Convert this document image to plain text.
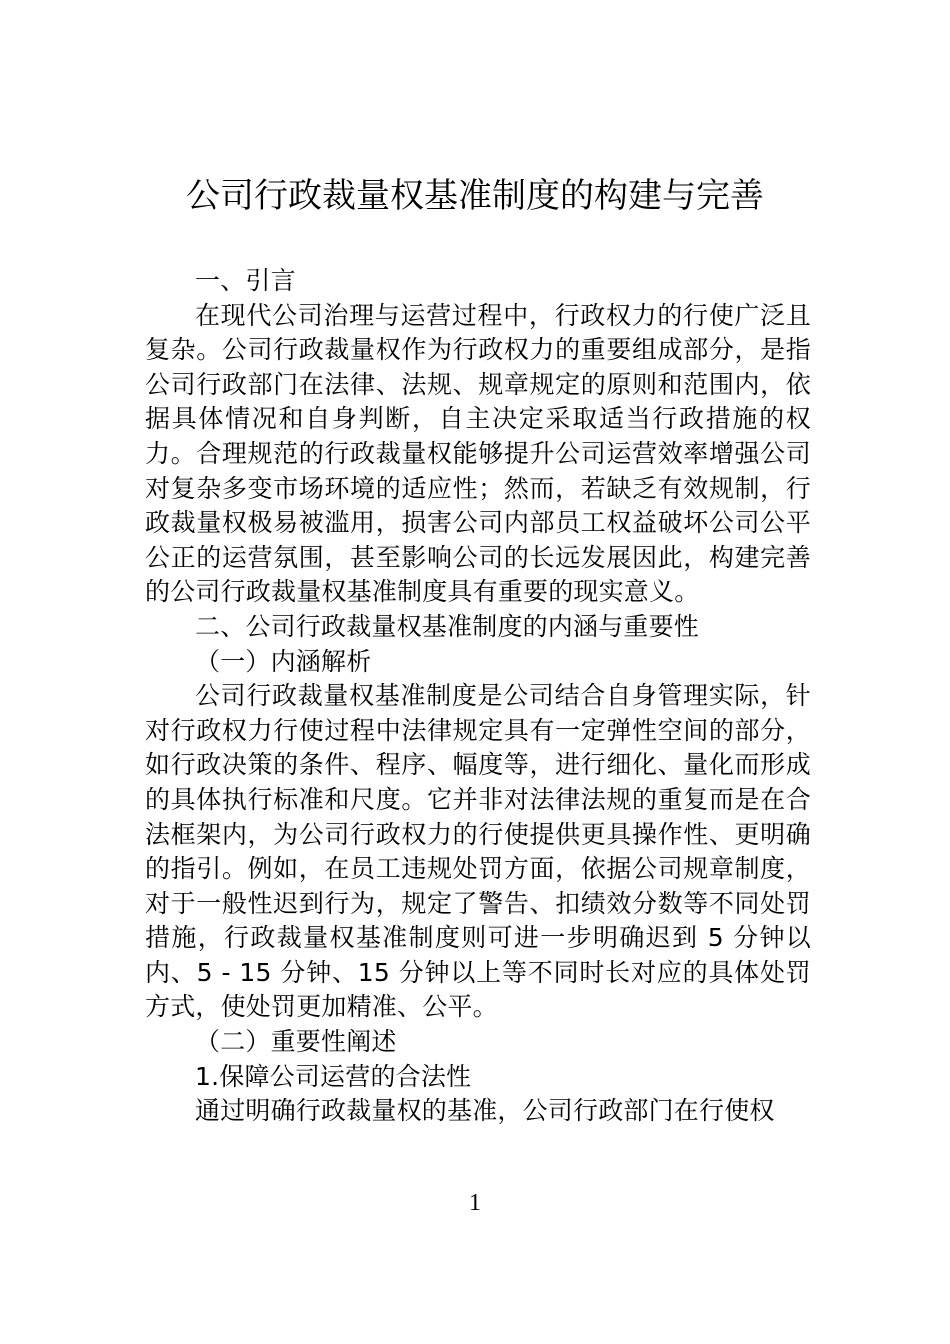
公司行政裁量权基准制度的构建与完善

一、引言

在现代公司治理与运营过程中，行政权力的行使广泛且复杂。公司行政裁量权作为行政权力的重要组成部分，是指公司行政部门在法律、法规、规章规定的原则和范围内，依据具体情况和自身判断，自主决定采取适当行政措施的权力。合理规范的行政裁量权能够提升公司运营效率增强公司对复杂多变市场环境的适应性；然而，若缺乏有效规制，行政裁量权极易被滥用，损害公司内部员工权益破坏公司公平公正的运营氛围，甚至影响公司的长远发展因此，构建完善的公司行政裁量权基准制度具有重要的现实意义。

二、公司行政裁量权基准制度的内涵与重要性

（一）内涵解析

公司行政裁量权基准制度是公司结合自身管理实际，针对行政权力行使过程中法律规定具有一定弹性空间的部分，如行政决策的条件、程序、幅度等，进行细化、量化而形成的具体执行标准和尺度。它并非对法律法规的重复而是在合法框架内，为公司行政权力的行使提供更具操作性、更明确的指引。例如，在员工违规处罚方面，依据公司规章制度，对于一般性迟到行为，规定了警告、扣绩效分数等不同处罚措施，行政裁量权基准制度则可进一步明确迟到 5 分钟以内、5 - 15 分钟、15 分钟以上等不同时长对应的具体处罚方式，使处罚更加精准、公平。

（二）重要性阐述

1.保障公司运营的合法性

通过明确行政裁量权的基准，公司行政部门在行使权

1
